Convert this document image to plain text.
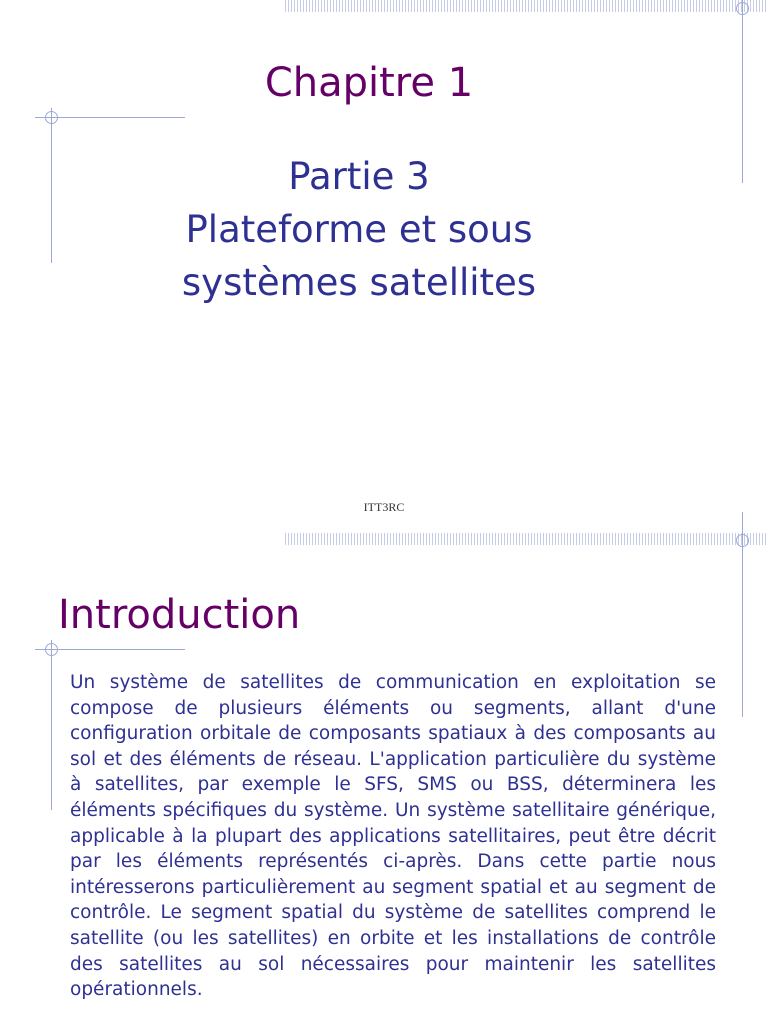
Chapitre 1
Partie 3
Plateforme et sous
systèmes satellites
ITT3RC
Introduction

Un système de satellites de communication en exploitation se compose de plusieurs éléments ou segments, allant d'une configuration orbitale de composants spatiaux à des composants au sol et des éléments de réseau. L'application particulière du système à satellites, par exemple le SFS, SMS ou BSS, déterminera les éléments spécifiques du système. Un système satellitaire générique, applicable à la plupart des applications satellitaires, peut être décrit par les éléments représentés ci-après. Dans cette partie nous intéresserons particulièrement au segment spatial et au segment de contrôle. Le segment spatial du système de satellites comprend le satellite (ou les satellites) en orbite et les installations de contrôle des satellites au sol nécessaires pour maintenir les satellites opérationnels.
